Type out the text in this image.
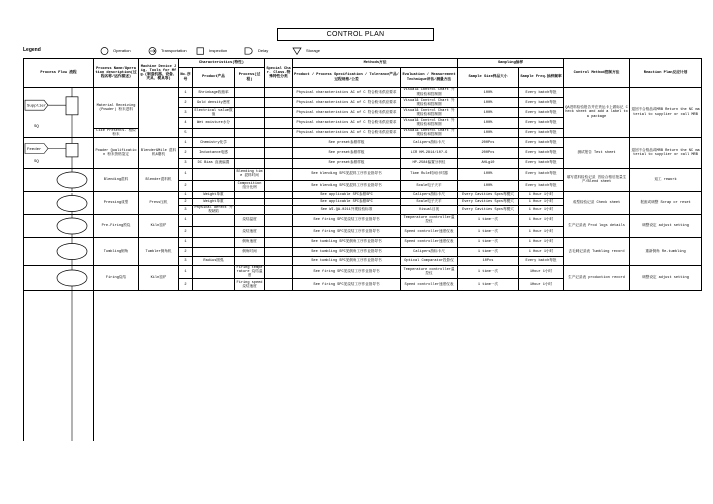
CONTROL PLAN
Legend	Operation	Transportation	Inspection	Delay	Storage
Process Flow 流程	Process Name/Operation description(过程名称/运作描述)	Machine Device Jig, Tools for Mfg.(制造机器、设备、夹具、模具等)	Characteristics(特性)			Special Char. Class.特殊特性分类	Methods方法		Sampling抽样		Control Method控制方法	Reaction Plan反应计划
			No.序号	Product产品	Process(过程)		Product / Process Specification / Tolerance产品/过程规格/公差	Evaluation / Measurement Technique评估/测量方法	Sample Size样品大小	Sample Freq.抽样频率		

Supplier
SQ	Material Receiving (Powder) 粉末进料		1	Shrinkage收缩率			Physical characteristics AC of C 符合粉末供应要求	Visual& Control Chart 外观检验和控制图	100%	Every batch每批	QA进料检验报告并在货运卡上做标记 Check sheet and add a label to a package	退回不合格品或MRB Return the NC material to supplier or call MRB
			2	Gold density密度			Physical characteristics AC of C 符合粉末供应要求	Visual& Control Chart 外观检验和控制图	100%	Every batch每批		
			3	Electrical value数值			Physical characteristics AC of C 符合粉末供应要求	Visual& Control Chart 外观检验和控制图	100%	Every batch每批		
			4	Wet moisture水分			Physical characteristics AC of C 符合粉末供应要求	Visual& Control Chart 外观检验和控制图	100%	Every batch每批		
	Like Presents- 相似粉末		5				Physical characteristics AC of C 符合粉末供应要求	Visual& Control Chart 外观检验和控制图	100%	Every batch每批		

Feeder
SQ	Powder Qualification 粉末资格鉴定	Blender&Mile 混料机&磨机	1	Chemistry化学			See preset参照样板	Calipers游标卡尺	200Pcs	Every batch每批	测试报告 Test sheet	退回不合格品或MRB Return the NC material to supplier or call MRB
			2	Inductance电感			See preset参照样板	LCR HM-2814/10?-G	200Pcs	Every batch每批		
			3	DC Bias 直流偏置			See preset参照样板	HP-2584偏置分析仪	AHLg10	Every batch每批		

	Blending混料	Blender混料机	1		Blending time 混料时间		See blending SPC见混料工序作业指导书	Time Rule时间计时器	100%	Every batch每批	填写混料检验记录 首检合格后批量生产/Blend sheet	返工 rework
			2		Composition组分比例		See blending SPC见混料工序作业指导书	Scale电子天平	100%	Every batch每批		

	Pressing成型	Press压机	1	Weight单重			See applicable SPC参照SPC	Calipers游标卡尺	Every Cavities 5pcs每模穴	1 Hour 1小时	成型检验记录 Check sheet	报废或调整 Scrap or reset
			2	Weight单重			See applicable SPC参照SPC	Scale电子天平	Every Cavities 5pcs每模穴	1 Hour 1小时		
			3	Physical defect 外观缺陷			See WI-QA-0211外观检验标准	Visual目视	Every Cavities 5pcs每模穴	1 Hour 1小时		

	Pre-Firing预烧	Kiln窑炉	1		烧结温度		See firing SPC见烧结工序作业指导书	Temperature controller温控仪	1 time一次	1 Hour 1小时	生产记录表 Prod logs details	调整设定 adjust setting
			2		烧结速度		See firing SPC见烧结工序作业指导书	Speed controller速度仪表	1 time一次	1 Hour 1小时		

	Tumbling倒角	Tumbler倒角机	1		倒角速度		See tumbling SPC见倒角工序作业指导书	Speed controller速度仪表	1 time一次	1 Hour 1小时	去毛刺记录表 Tumbling record	重新倒角 Re-tumbling
			2		倒角时间		See tumbling SPC见倒角工序作业指导书	Calipers游标卡尺	1 time一次	1 Hour 1小时		
			3	Radius圆弧			See tumbling SPC见倒角工序作业指导书	Optical Comparator投影仪	10Pcs	Every batch每批		

	Firing烧结	Kiln窑炉	1		Firing temperature 烧结温度		See firing SPC见烧结工序作业指导书	Temperature controller温控仪	1 time一次	1Hour 1小时	生产记录表 production record	调整设定 adjust setting
			2		Firing speed烧结速度		See firing SPC见烧结工序作业指导书	Speed controller速度仪表	1 time一次	1Hour 1小时		
